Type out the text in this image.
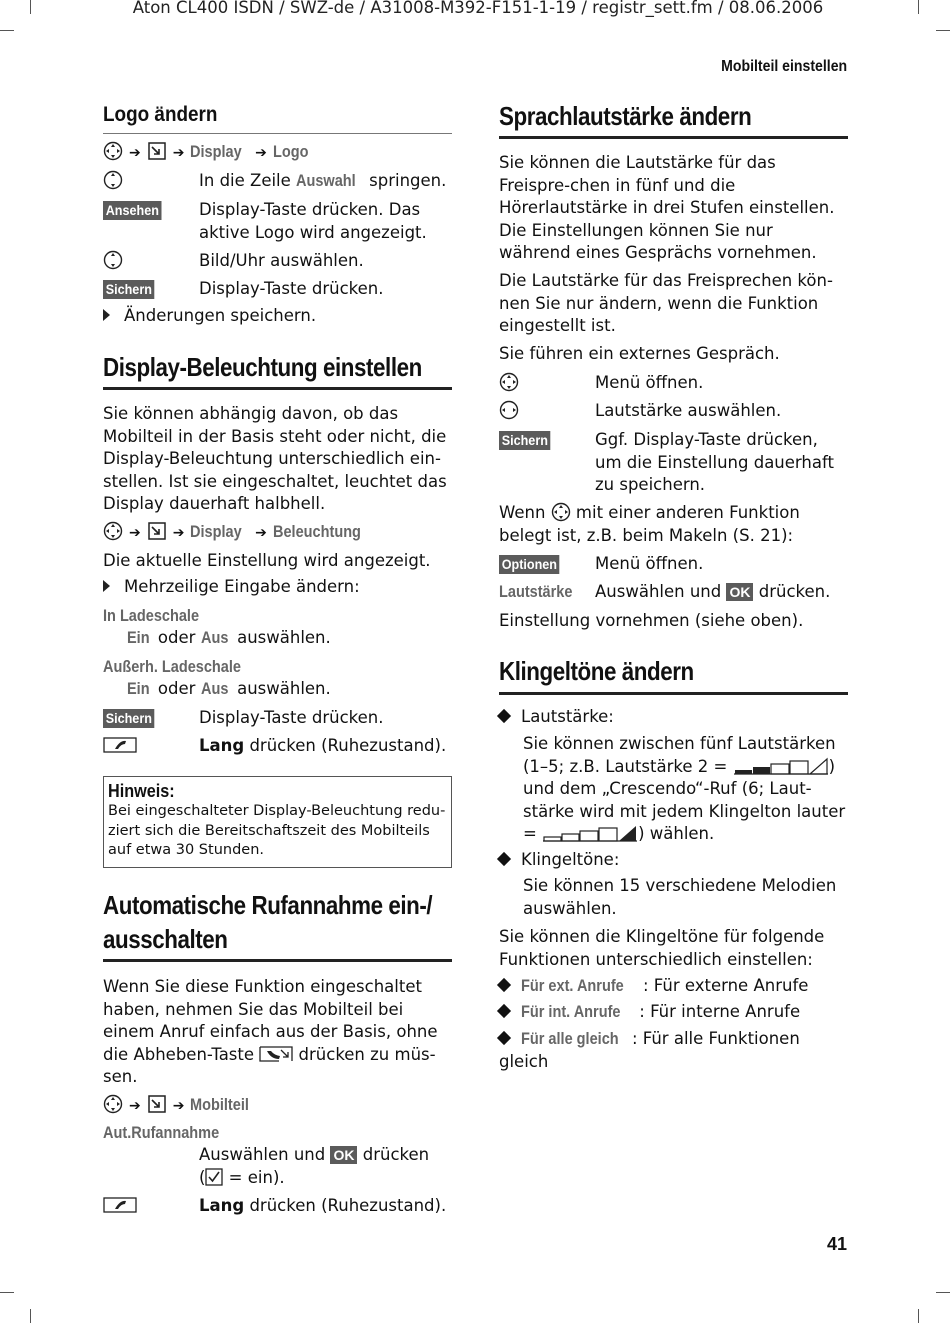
Aton CL400 ISDN / SWZ-de / A31008-M392-F151-1-19 / registr_sett.fm / 08.06.2006
Mobilteil einstellen
Logo ändern
➔ ➔ Display ➔ Logo
In die Zeile Auswahl springen.
Ansehen	Display-Taste drücken. Das aktive Logo wird angezeigt.
Bild/Uhr auswählen.
Sichern	Display-Taste drücken.
Änderungen speichern.
Display-Beleuchtung einstellen
Sie können abhängig davon, ob das Mobilteil in der Basis steht oder nicht, die Display-Beleuchtung unterschiedlich ein-stellen. Ist sie eingeschaltet, leuchtet das Display dauerhaft halbhell.
➔ ➔ Display ➔ Beleuchtung
Die aktuelle Einstellung wird angezeigt.
Mehrzeilige Eingabe ändern:
In Ladeschale
Ein oder Aus auswählen.
Außerh. Ladeschale
Ein oder Aus auswählen.
Sichern	Display-Taste drücken.
Lang drücken (Ruhezustand).
Hinweis:
Bei eingeschalteter Display-Beleuchtung redu-ziert sich die Bereitschaftszeit des Mobilteils auf etwa 30 Stunden.
Automatische Rufannahme ein-/
ausschalten
Wenn Sie diese Funktion eingeschaltet haben, nehmen Sie das Mobilteil bei einem Anruf einfach aus der Basis, ohne die Abheben-Taste  drücken zu müs-sen.
➔ ➔ Mobilteil
Aut.Rufannahme
Auswählen und OK drücken
( = ein).
Lang drücken (Ruhezustand).
Sprachlautstärke ändern
Sie können die Lautstärke für das Freispre-chen in fünf und die Hörerlautstärke in drei Stufen einstellen. Die Einstellungen können Sie nur während eines Gesprächs vornehmen.
Die Lautstärke für das Freisprechen kön-nen Sie nur ändern, wenn die Funktion eingestellt ist.
Sie führen ein externes Gespräch.
Menü öffnen.
Lautstärke auswählen.
Sichern	Ggf. Display-Taste drücken, um die Einstellung dauerhaft zu speichern.
Wenn  mit einer anderen Funktion belegt ist, z.B. beim Makeln (S. 21):
Optionen	Menü öffnen.
Lautstärke	Auswählen und OK drücken.
Einstellung vornehmen (siehe oben).
Klingeltöne ändern
Lautstärke:
Sie können zwischen fünf Lautstärken (1–5; z.B. Lautstärke 2 =	) und dem „Crescendo“-Ruf (6; Laut-stärke wird mit jedem Klingelton lauter =	) wählen.
Klingeltöne:
Sie können 15 verschiedene Melodien auswählen.
Sie können die Klingeltöne für folgende Funktionen unterschiedlich einstellen:
Für ext. Anrufe : Für externe Anrufe
Für int. Anrufe : Für interne Anrufe
Für alle gleich : Für alle Funktionen gleich
41
